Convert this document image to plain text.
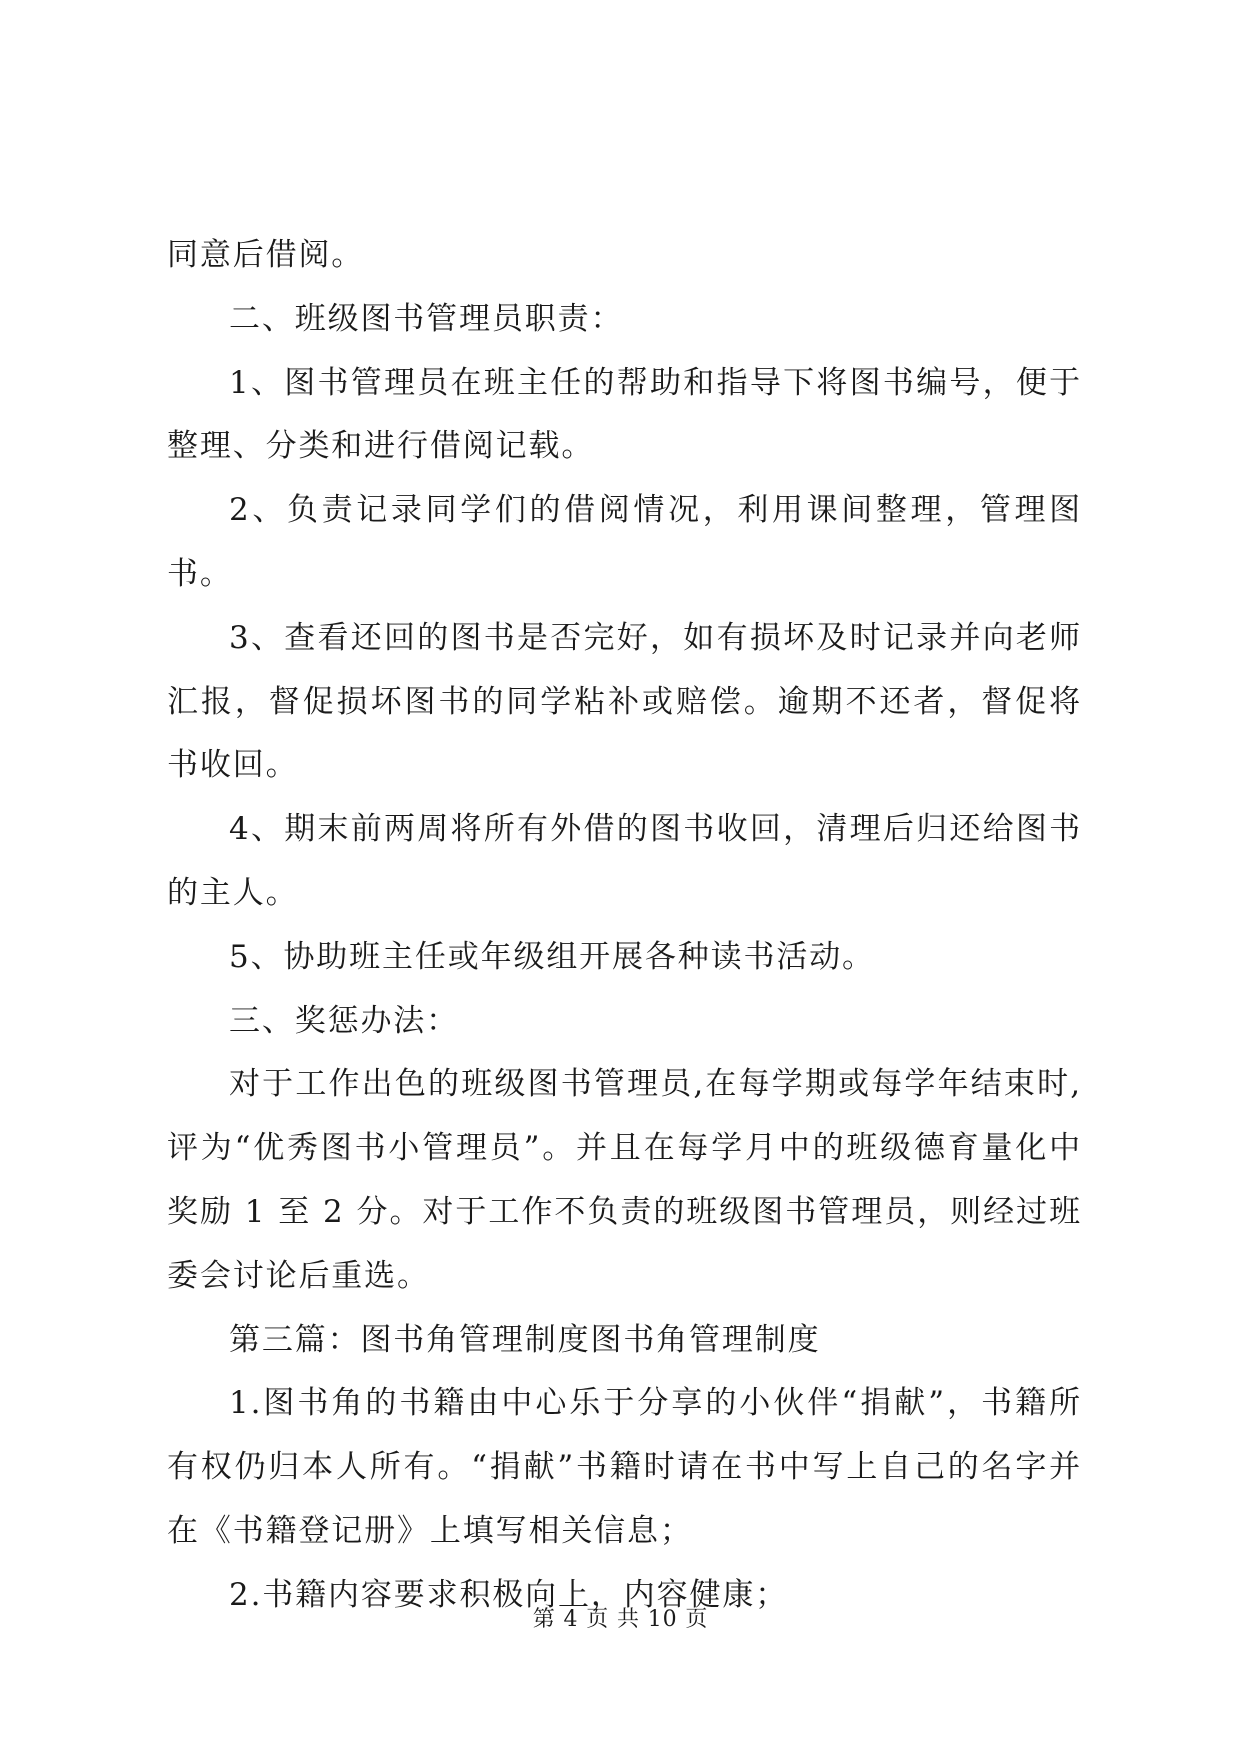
同意后借阅。

二、班级图书管理员职责：

1、图书管理员在班主任的帮助和指导下将图书编号，便于整理、分类和进行借阅记载。

2、负责记录同学们的借阅情况，利用课间整理，管理图书。

3、查看还回的图书是否完好，如有损坏及时记录并向老师汇报，督促损坏图书的同学粘补或赔偿。逾期不还者，督促将书收回。

4、期末前两周将所有外借的图书收回，清理后归还给图书的主人。

5、协助班主任或年级组开展各种读书活动。

三、奖惩办法：

对于工作出色的班级图书管理员,在每学期或每学年结束时,评为“优秀图书小管理员”。并且在每学月中的班级德育量化中奖励 1 至 2 分。对于工作不负责的班级图书管理员，则经过班委会讨论后重选。

第三篇：图书角管理制度图书角管理制度

1.图书角的书籍由中心乐于分享的小伙伴“捐献”，书籍所有权仍归本人所有。“捐献”书籍时请在书中写上自己的名字并在《书籍登记册》上填写相关信息；

2.书籍内容要求积极向上，内容健康；

第 4 页 共 10 页
